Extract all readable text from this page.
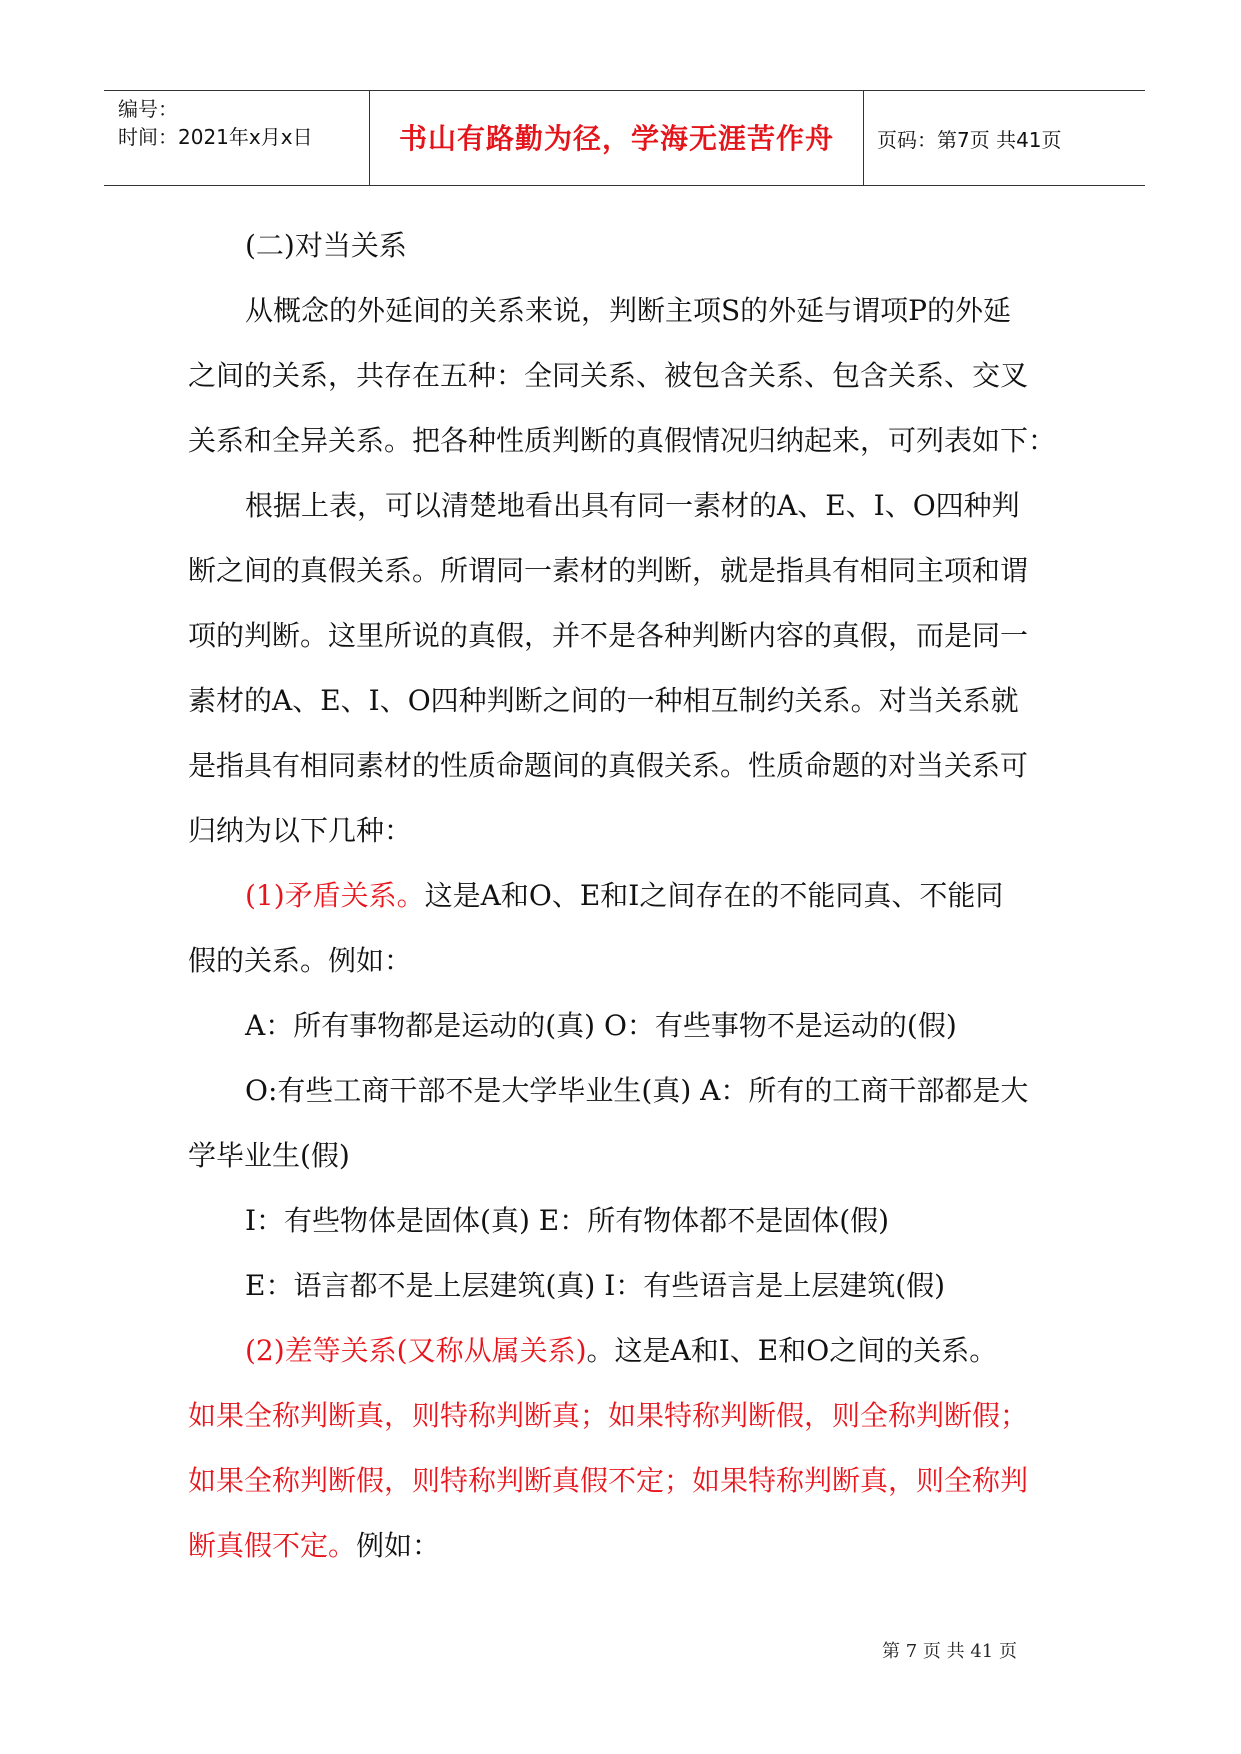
编号：
时间：2021年x月x日	书山有路勤为径，学海无涯苦作舟	页码：第7页 共41页
(二)对当关系
从概念的外延间的关系来说，判断主项S的外延与谓项P的外延
之间的关系，共存在五种：全同关系、被包含关系、包含关系、交叉
关系和全异关系。把各种性质判断的真假情况归纳起来，可列表如下：
根据上表，可以清楚地看出具有同一素材的A、E、I、O四种判
断之间的真假关系。所谓同一素材的判断，就是指具有相同主项和谓
项的判断。这里所说的真假，并不是各种判断内容的真假，而是同一
素材的A、E、I、O四种判断之间的一种相互制约关系。对当关系就
是指具有相同素材的性质命题间的真假关系。性质命题的对当关系可
归纳为以下几种：
(1)矛盾关系。这是A和O、E和I之间存在的不能同真、不能同
假的关系。例如：
A：所有事物都是运动的(真) O：有些事物不是运动的(假)
O:有些工商干部不是大学毕业生(真) A：所有的工商干部都是大
学毕业生(假)
I：有些物体是固体(真) E：所有物体都不是固体(假)
E：语言都不是上层建筑(真) I：有些语言是上层建筑(假)
(2)差等关系(又称从属关系)。这是A和I、E和O之间的关系。
如果全称判断真，则特称判断真；如果特称判断假，则全称判断假；
如果全称判断假，则特称判断真假不定；如果特称判断真，则全称判
断真假不定。例如：
第 7 页 共 41 页
